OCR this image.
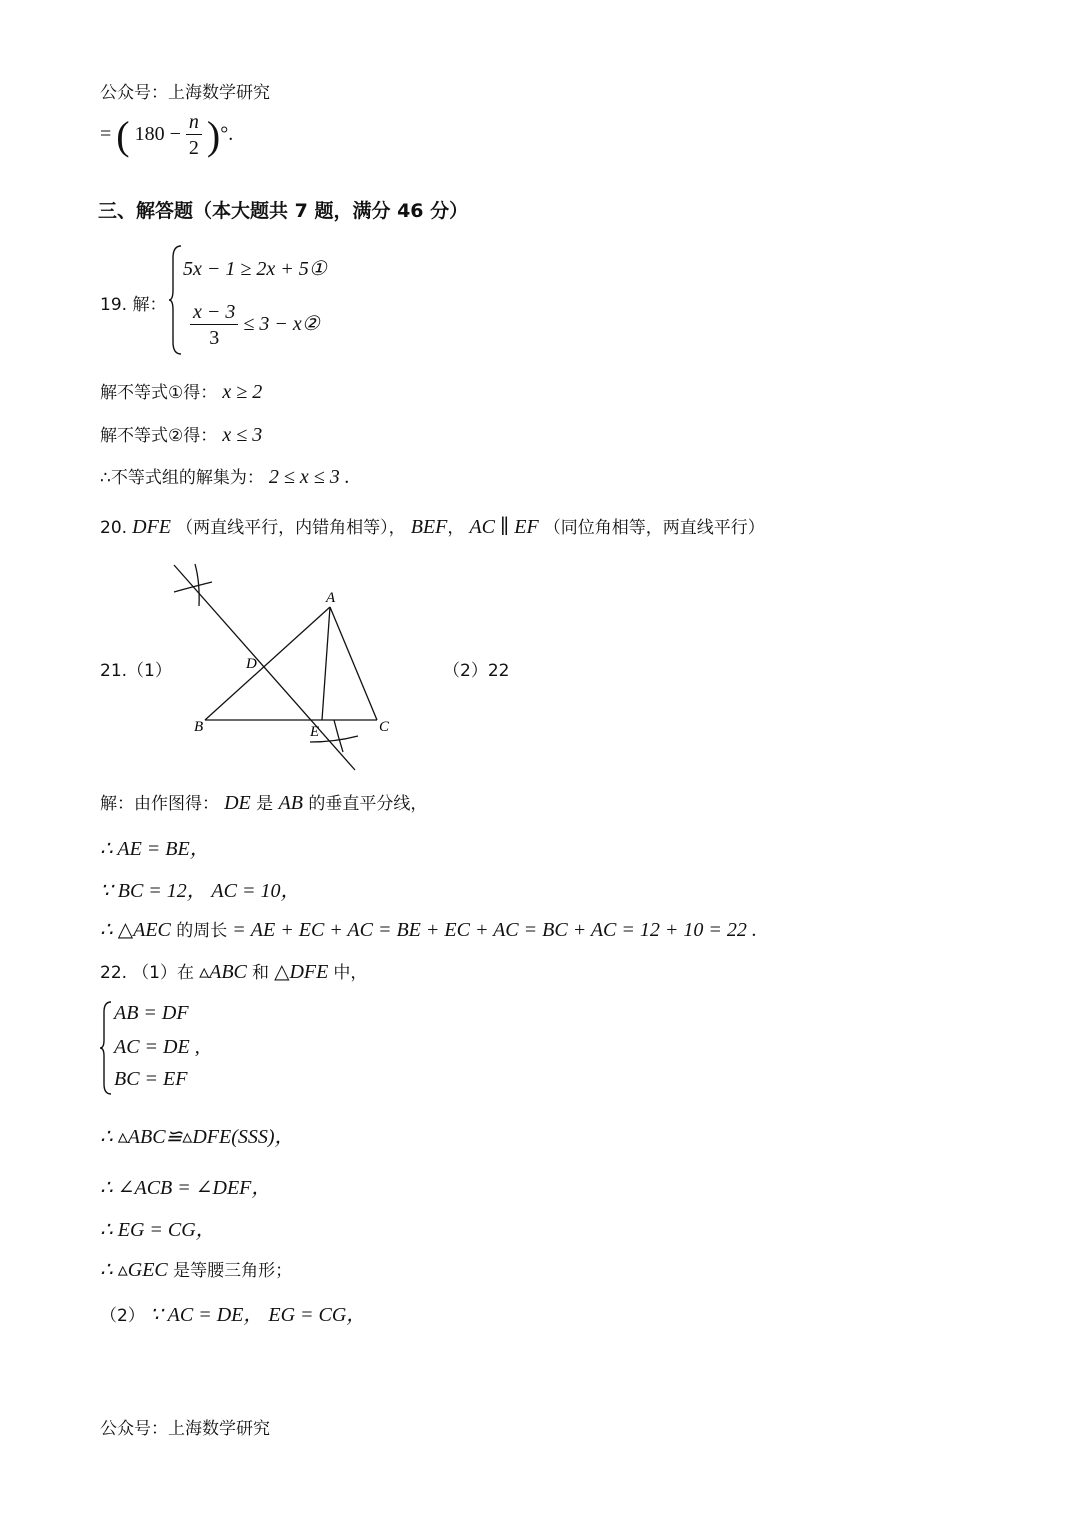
公众号：上海数学研究
= ( $180 - \frac{n}{2}$ )°.
三、解答题（本大题共 7 题，满分 46 分）
19. 解：
5x − 1 ≥ 2x + 5①
$\frac{x - 3}{3} \le 3$ − x②
解不等式①得： x ≥ 2
解不等式②得： x ≤ 3
∴不等式组的解集为： 2 ≤ x ≤ 3 .
20. DFE （两直线平行，内错角相等）， BEF， AC ∥ EF （同位角相等，两直线平行）
21.（1）
A
D
B	C
E
（2）22
解：由作图得： DE 是 AB 的垂直平分线，
∴ AE = BE，
∵ BC = 12， AC = 10，
∴ △AEC 的周长 = AE + EC + AC = BE + EC + AC = BC + AC = 12 + 10 = 22 .
22. （1）在 ▵ABC 和 △DFE 中，
AB = DF
AC = DE ,
BC = EF
∴ ▵ABC≌▵DFE(SSS)，
∴ ∠ACB = ∠DEF，
∴ EG = CG，
∴ ▵GEC 是等腰三角形；
（2） ∵ AC = DE， EG = CG，
公众号：上海数学研究
